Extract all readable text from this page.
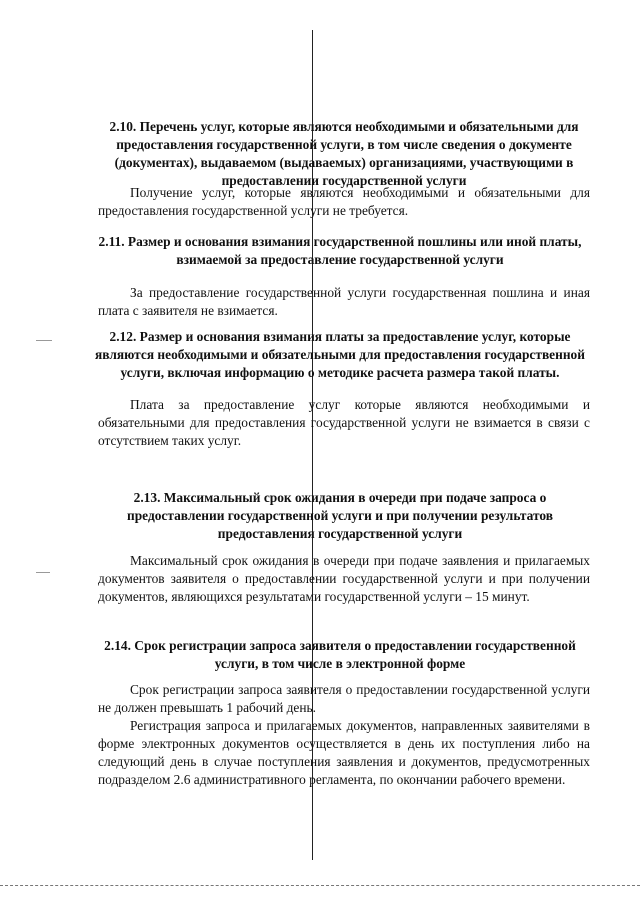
2.10. Перечень услуг, которые являются необходимыми и обязательными для предоставления государственной услуги, в том числе сведения о документе (документах), выдаваемом (выдаваемых) организациями, участвующими в предоставлении государственной услуги

Получение услуг, которые являются необходимыми и обязательными для предоставления государственной услуги не требуется.

2.11. Размер и основания взимания государственной пошлины или иной платы, взимаемой за предоставление государственной услуги

За предоставление государственной услуги государственная пошлина и иная плата с заявителя не взимается.

2.12. Размер и основания взимания платы за предоставление услуг, которые являются необходимыми и обязательными для предоставления государственной услуги, включая информацию о методике расчета размера такой платы.

Плата за предоставление услуг которые являются необходимыми и обязательными для предоставления государственной услуги не взимается в связи с отсутствием таких услуг.

2.13. Максимальный срок ожидания в очереди при подаче запроса о предоставлении государственной услуги и при получении результатов предоставления государственной услуги

Максимальный срок ожидания в очереди при подаче заявления и прилагаемых документов заявителя о предоставлении государственной услуги и при получении документов, являющихся результатами государственной услуги – 15 минут.

2.14. Срок регистрации запроса заявителя о предоставлении государственной услуги, в том числе в электронной форме

Срок регистрации запроса заявителя о предоставлении государственной услуги не должен превышать 1 рабочий день.

Регистрация запроса и прилагаемых документов, направленных заявителями в форме электронных документов осуществляется в день их поступления либо на следующий день в случае поступления заявления и документов, предусмотренных подразделом 2.6 административного регламента, по окончании рабочего времени.
